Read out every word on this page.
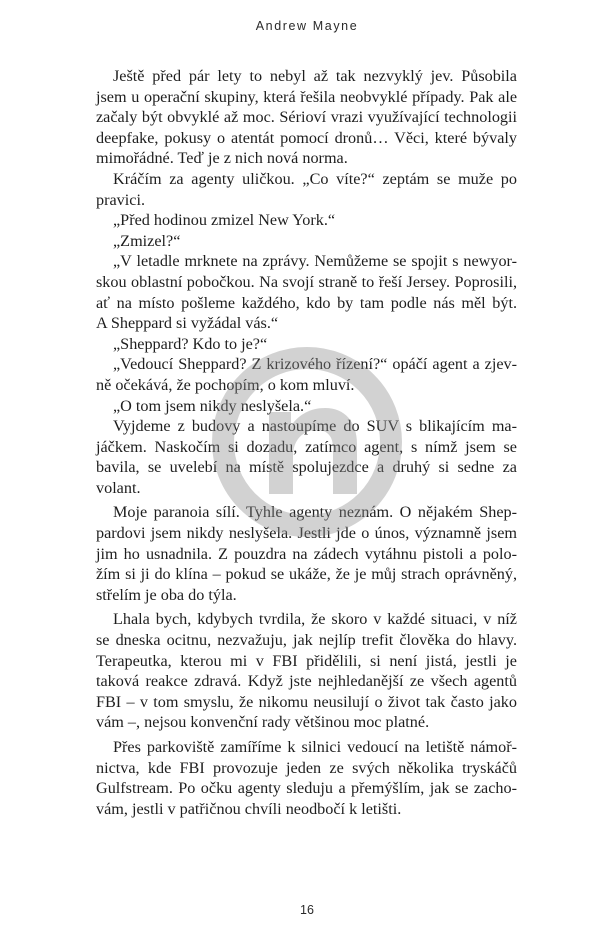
Andrew Mayne

Ještě před pár lety to nebyl až tak nezvyklý jev. Působila
jsem u operační skupiny, která řešila neobvyklé případy. Pak ale
začaly být obvyklé až moc. Sérioví vrazi využívající technologii
deepfake, pokusy o atentát pomocí dronů… Věci, které bývaly
mimořádné. Teď je z nich nová norma.
Kráčím za agenty uličkou. „Co víte?“ zeptám se muže po
pravici.
„Před hodinou zmizel New York.“
„Zmizel?“
„V letadle mrknete na zprávy. Nemůžeme se spojit s newyor-
skou oblastní pobočkou. Na svojí straně to řeší Jersey. Poprosili,
ať na místo pošleme každého, kdo by tam podle nás měl být.
A Sheppard si vyžádal vás.“
„Sheppard? Kdo to je?“
„Vedoucí Sheppard? Z krizového řízení?“ opáčí agent a zjev-
ně očekává, že pochopím, o kom mluví.
„O tom jsem nikdy neslyšela.“
Vyjdeme z budovy a nastoupíme do SUV s blikajícím ma-
jáčkem. Naskočím si dozadu, zatímco agent, s nímž jsem se
bavila, se uvelebí na místě spolujezdce a druhý si sedne za
volant.
Moje paranoia sílí. Tyhle agenty neznám. O nějakém Shep-
pardovi jsem nikdy neslyšela. Jestli jde o únos, významně jsem
jim ho usnadnila. Z pouzdra na zádech vytáhnu pistoli a polo-
žím si ji do klína – pokud se ukáže, že je můj strach oprávněný,
střelím je oba do týla.
Lhala bych, kdybych tvrdila, že skoro v každé situaci, v níž
se dneska ocitnu, nezvažuju, jak nejlíp trefit člověka do hlavy.
Terapeutka, kterou mi v FBI přidělili, si není jistá, jestli je
taková reakce zdravá. Když jste nejhledanější ze všech agentů
FBI – v tom smyslu, že nikomu neusilují o život tak často jako
vám –, nejsou konvenční rady většinou moc platné.
Přes parkoviště zamíříme k silnici vedoucí na letiště námoř-
nictva, kde FBI provozuje jeden ze svých několika tryskáčů
Gulfstream. Po očku agenty sleduju a přemýšlím, jak se zacho-
vám, jestli v patřičnou chvíli neodbočí k letišti.

16
